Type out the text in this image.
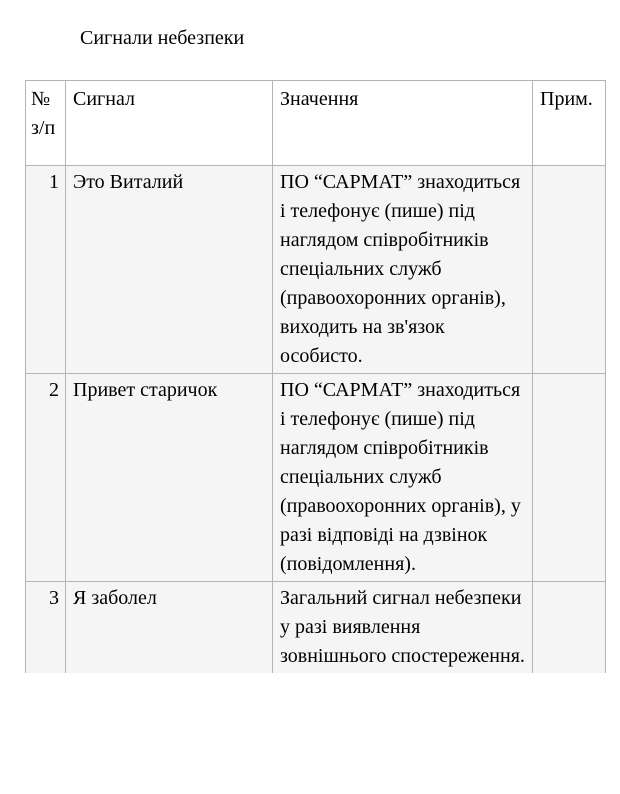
Сигнали небезпеки
№ з/п	Сигнал	Значення	Прим.
1	Это Виталий	ПО “САРМАТ” знаходиться і телефонує (пише) під наглядом співробітників спеціальних служб (правоохоронних органів), виходить на зв'язок особисто.	
2	Привет старичок	ПО “САРМАТ” знаходиться і телефонує (пише) під наглядом співробітників спеціальних служб (правоохоронних органів), у разі відповіді на дзвінок (повідомлення).	
3	Я заболел	Загальний сигнал небезпеки у разі виявлення зовнішнього спостереження.	
